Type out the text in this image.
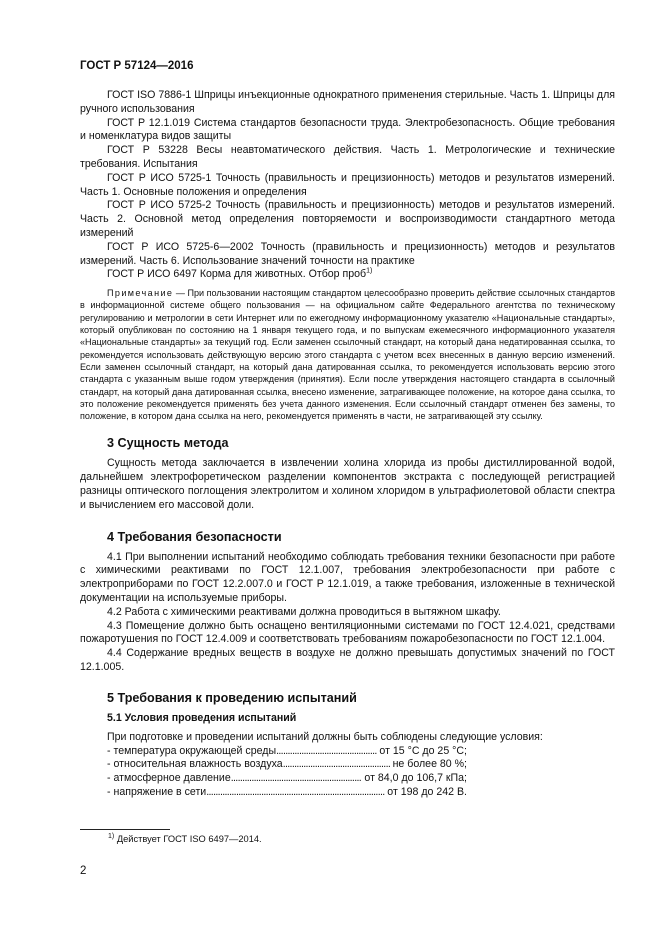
ГОСТ Р 57124—2016

ГОСТ ISO 7886-1 Шприцы инъекционные однократного применения стерильные. Часть 1. Шприцы для ручного использования

ГОСТ Р 12.1.019 Система стандартов безопасности труда. Электробезопасность. Общие требования и номенклатура видов защиты

ГОСТ Р 53228 Весы неавтоматического действия. Часть 1. Метрологические и технические требования. Испытания

ГОСТ Р ИСО 5725-1 Точность (правильность и прецизионность) методов и результатов измерений. Часть 1. Основные положения и определения

ГОСТ Р ИСО 5725-2 Точность (правильность и прецизионность) методов и результатов измерений. Часть 2. Основной метод определения повторяемости и воспроизводимости стандартного метода измерений

ГОСТ Р ИСО 5725-6—2002 Точность (правильность и прецизионность) методов и результатов измерений. Часть 6. Использование значений точности на практике

ГОСТ Р ИСО 6497 Корма для животных. Отбор проб$^{1)}$

Примечание — При пользовании настоящим стандартом целесообразно проверить действие ссылочных стандартов в информационной системе общего пользования — на официальном сайте Федерального агентства по техническому регулированию и метрологии в сети Интернет или по ежегодному информационному указателю «Национальные стандарты», который опубликован по состоянию на 1 января текущего года, и по выпускам ежемесячного информационного указателя «Национальные стандарты» за текущий год. Если заменен ссылочный стандарт, на который дана недатированная ссылка, то рекомендуется использовать действующую версию этого стандарта с учетом всех внесенных в данную версию изменений. Если заменен ссылочный стандарт, на который дана датированная ссылка, то рекомендуется использовать версию этого стандарта с указанным выше годом утверждения (принятия). Если после утверждения настоящего стандарта в ссылочный стандарт, на который дана датированная ссылка, внесено изменение, затрагивающее положение, на которое дана ссылка, то это положение рекомендуется применять без учета данного изменения. Если ссылочный стандарт отменен без замены, то положение, в котором дана ссылка на него, рекомендуется применять в части, не затрагивающей эту ссылку.
3 Сущность метода

Сущность метода заключается в извлечении холина хлорида из пробы дистиллированной водой, дальнейшем электрофоретическом разделении компонентов экстракта с последующей регистрацией разницы оптического поглощения электролитом и холином хлоридом в ультрафиолетовой области спектра и вычислением его массовой доли.

4 Требования безопасности

4.1 При выполнении испытаний необходимо соблюдать требования техники безопасности при работе с химическими реактивами по ГОСТ 12.1.007, требования электробезопасности при работе с электроприборами по ГОСТ 12.2.007.0 и ГОСТ Р 12.1.019, а также требования, изложенные в технической документации на используемые приборы.

4.2 Работа с химическими реактивами должна проводиться в вытяжном шкафу.

4.3 Помещение должно быть оснащено вентиляционными системами по ГОСТ 12.4.021, средствами пожаротушения по ГОСТ 12.4.009 и соответствовать требованиям пожаробезопасности по ГОСТ 12.1.004.

4.4 Содержание вредных веществ в воздухе не должно превышать допустимых значений по ГОСТ 12.1.005.

5 Требования к проведению испытаний
5.1 Условия проведения испытаний

При подготовке и проведении испытаний должны быть соблюдены следующие условия:

- температура окружающей среды . . .	от 15 °С до 25 °С;
- относительная влажность воздуха . . .	не более 80 %;
- атмосферное давление . . .	от 84,0 до 106,7 кПа;
- напряжение в сети . . .	от 198 до 242 В.
$^{1)}$ Действует ГОСТ ISO 6497—2014.
2
